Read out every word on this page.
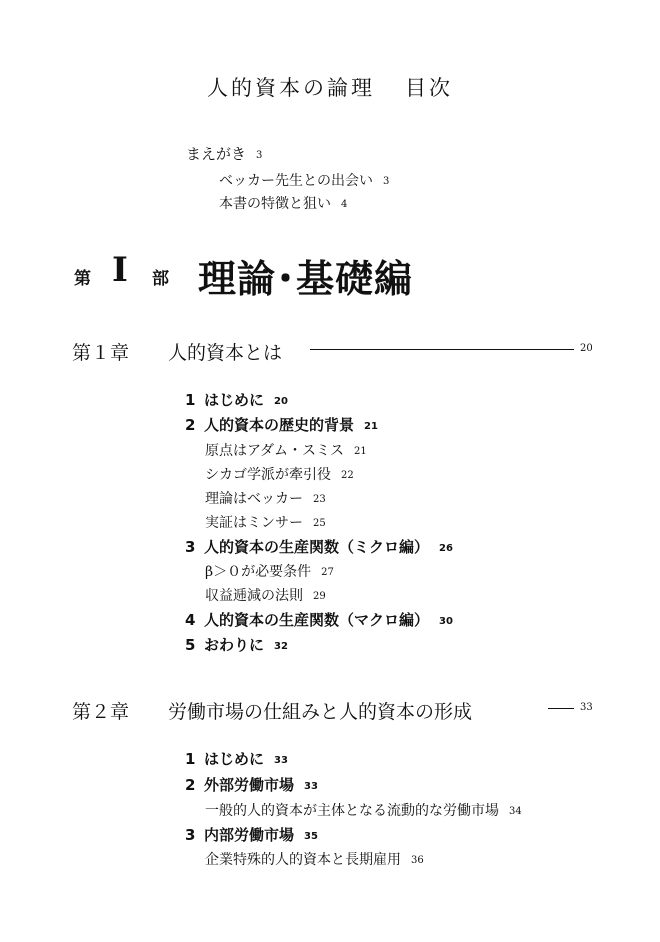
人的資本の論理 目次
まえがき 3
ベッカー先生との出会い 3
本書の特徴と狙い 4
第 I 部 理論･基礎編
第１章 人的資本とは	20
1 はじめに 20
2 人的資本の歴史的背景 21
原点はアダム・スミス 21
シカゴ学派が牽引役 22
理論はベッカー 23
実証はミンサー 25
3 人的資本の生産関数（ミクロ編） 26
β＞０が必要条件 27
収益逓減の法則 29
4 人的資本の生産関数（マクロ編） 30
5 おわりに 32
第２章 労働市場の仕組みと人的資本の形成	33
1 はじめに 33
2 外部労働市場 33
一般的人的資本が主体となる流動的な労働市場 34
3 内部労働市場 35
企業特殊的人的資本と長期雇用 36
